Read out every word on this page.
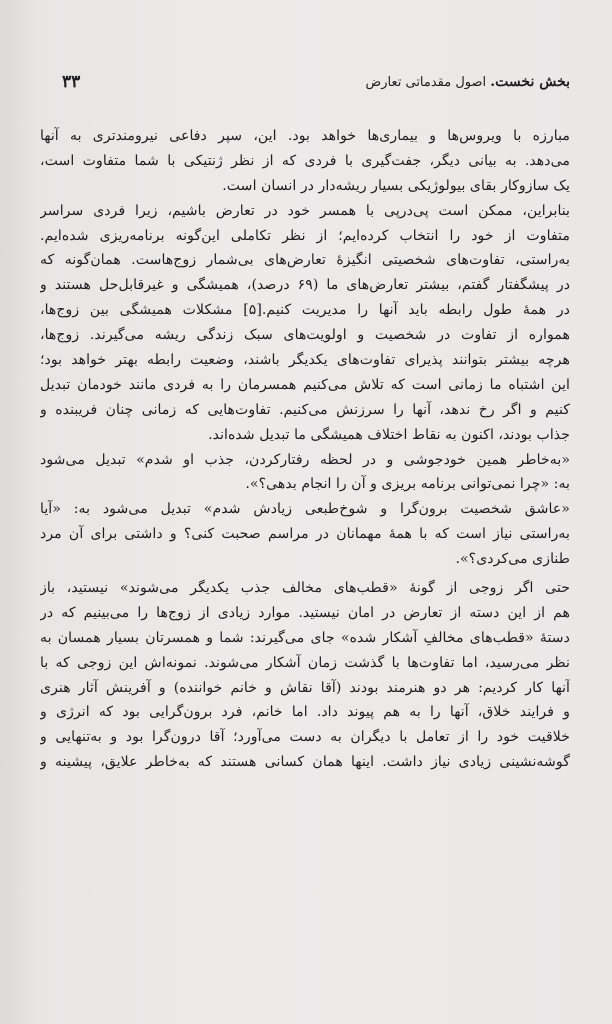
۳۳	بخش نخست. اصول مقدماتی تعارض
مبارزه با ویروس‌ها و بیماری‌ها خواهد بود. این، سپر دفاعی نیرومندتری به آنها
می‌دهد. به بیانی دیگر، جفت‌گیری با فردی که از نظر ژنتیکی با شما متفاوت است،
یک سازوکار بقای بیولوژیکی بسیار ریشه‌دار در انسان است.
بنابراین، ممکن است پی‌درپی با همسر خود در تعارض باشیم، زیرا فردی سراسر
متفاوت از خود را انتخاب کرده‌ایم؛ از نظر تکاملی این‌گونه برنامه‌ریزی شده‌ایم.
به‌راستی، تفاوت‌های شخصیتی انگیزهٔ تعارض‌های بی‌شمار زوج‌هاست. همان‌گونه که
در پیشگفتار گفتم، بیشتر تعارض‌های ما (۶۹ درصد)، همیشگی و غیرقابل‌حل هستند و
در همهٔ طول رابطه باید آنها را مدیریت کنیم.[۵] مشکلات همیشگی بین زوج‌ها،
همواره از تفاوت در شخصیت و اولویت‌های سبک زندگی ریشه می‌گیرند. زوج‌ها،
هرچه بیشتر بتوانند پذیرای تفاوت‌های یکدیگر باشند، وضعیت رابطه بهتر خواهد بود؛
این اشتباه ما زمانی است که تلاش می‌کنیم همسرمان را به فردی مانند خودمان تبدیل
کنیم و اگر رخ ندهد، آنها را سرزنش می‌کنیم. تفاوت‌هایی که زمانی چنان فریبنده و
جذاب بودند، اکنون به نقاط اختلاف همیشگی ما تبدیل شده‌اند.
«به‌خاطر همین خودجوشی و در لحظه رفتارکردن، جذب او شدم» تبدیل می‌شود
به: «چرا نمی‌توانی برنامه بریزی و آن را انجام بدهی؟».
«عاشق شخصیت برون‌گرا و شوخ‌طبعی زیادش شدم» تبدیل می‌شود به: «آیا
به‌راستی نیاز است که با همهٔ مهمانان در مراسم صحبت کنی؟ و داشتی برای آن مرد
طنازی می‌کردی؟».
حتی اگر زوجی از گونهٔ «قطب‌های مخالف جذب یکدیگر می‌شوند» نیستید، باز
هم از این دسته از تعارض در امان نیستید. موارد زیادی از زوج‌ها را می‌بینیم که در
دستهٔ «قطب‌های مخالفِ آشکار شده» جای می‌گیرند: شما و همسرتان بسیار همسان به
نظر می‌رسید، اما تفاوت‌ها با گذشت زمان آشکار می‌شوند. نمونه‌اش این زوجی که با
آنها کار کردیم: هر دو هنرمند بودند (آقا نقاش و خانم خواننده) و آفرینش آثار هنری
و فرایند خلاق، آنها را به هم پیوند داد. اما خانم، فرد برون‌گرایی بود که انرژی و
خلاقیت خود را از تعامل با دیگران به دست می‌آورد؛ آقا درون‌گرا بود و به‌تنهایی و
گوشه‌نشینی زیادی نیاز داشت. اینها همان کسانی هستند که به‌خاطر علایق، پیشینه و
